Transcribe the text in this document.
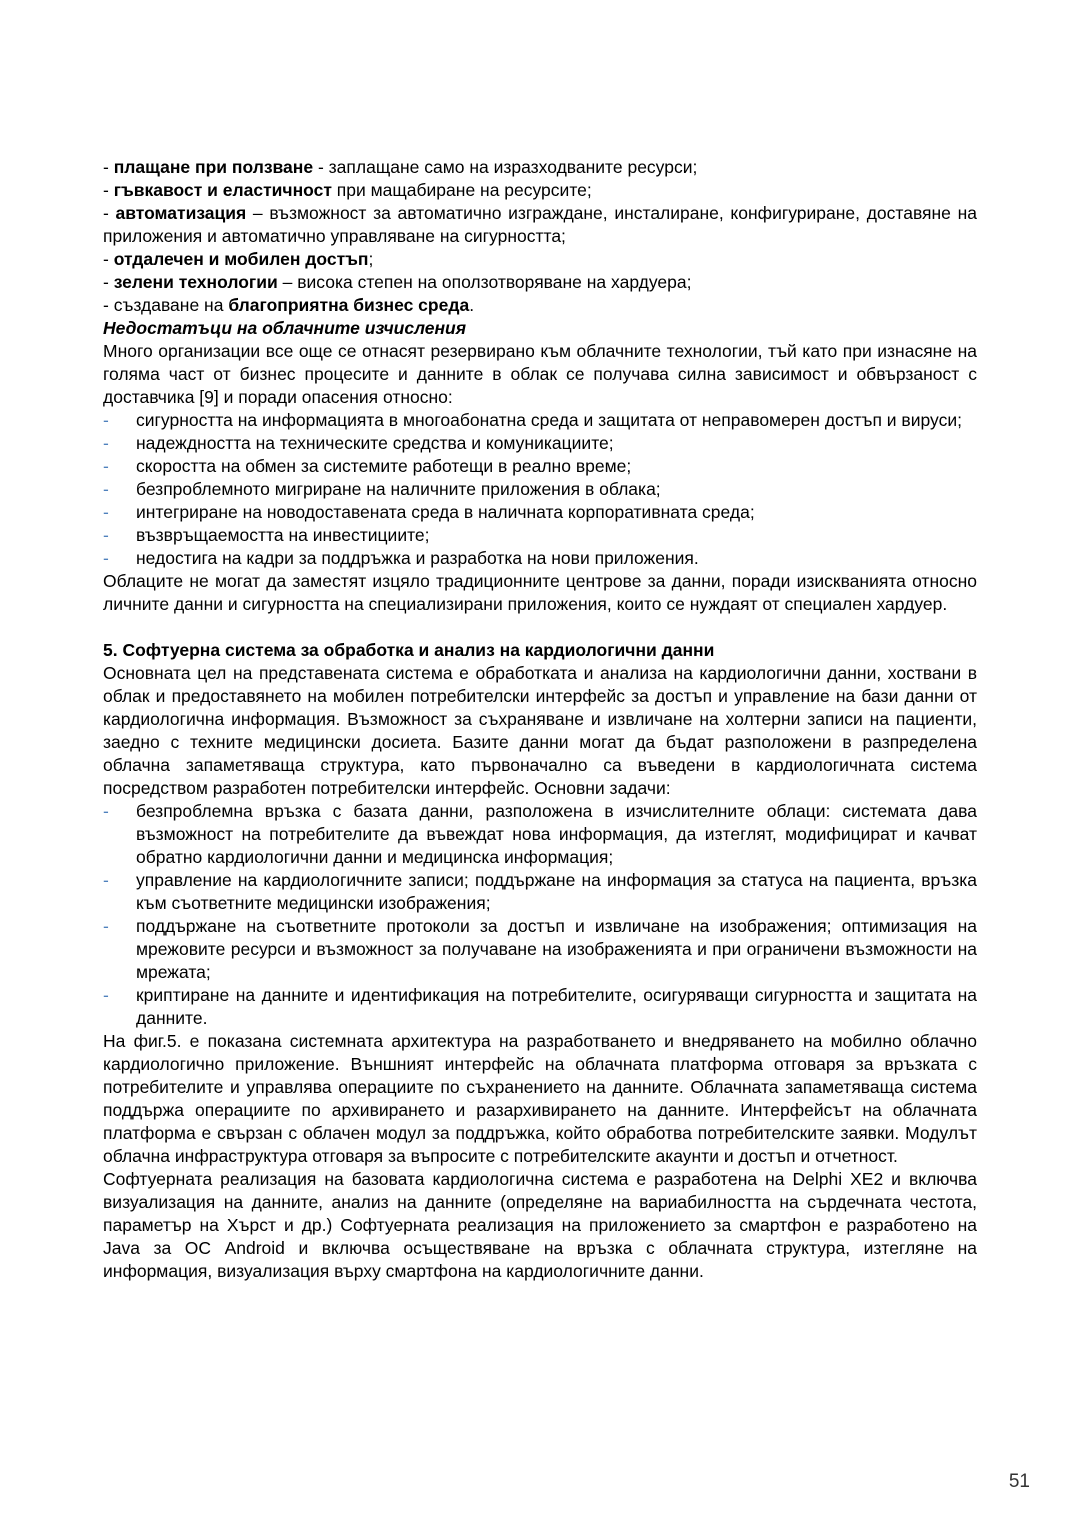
- плащане при ползване - заплащане само на изразходваните ресурси;
- гъвкавост и еластичност при мащабиране на ресурсите;
- автоматизация – възможност за автоматично изграждане, инсталиране, конфигуриране, доставяне на приложения и автоматично управляване на сигурността;
- отдалечен и мобилен достъп;
- зелени технологии – висока степен на оползотворяване на хардуера;
- създаване на благоприятна бизнес среда.

Недостатъци на облачните изчисления

Много организации все още се отнасят резервирано към облачните технологии, тъй като при изнасяне на голяма част от бизнес процесите и данните в облак се получава силна зависимост и обвързаност с доставчика [9] и поради опасения относно:

- сигурността на информацията в многоабонатна среда и защитата от неправомерен достъп и вируси;
- надеждността на техническите средства и комуникациите;
- скоростта на обмен за системите работещи в реално време;
- безпроблемното мигриране на наличните приложения в облака;
- интегриране на новодоставената среда в наличната корпоративната среда;
- възвръщаемостта на инвестициите;
- недостига на кадри за поддръжка и разработка на нови приложения.

Облаците не могат да заместят изцяло традиционните центрове за данни, поради изискванията относно личните данни и сигурността на специализирани приложения, които се нуждаят от специален хардуер.

5. Софтуерна система за обработка и анализ на кардиологични данни

Основната цел на представената система е обработката и анализа на кардиологични данни, хоствани в облак и предоставянето на мобилен потребителски интерфейс за достъп и управление на бази данни от кардиологична информация. Възможност за съхраняване и извличане на холтерни записи на пациенти, заедно с техните медицински досиета. Базите данни могат да бъдат разположени в разпределена облачна запаметяваща структура, като първоначално са въведени в кардиологичната система посредством разработен потребителски интерфейс. Основни задачи:

- безпроблемна връзка с базата данни, разположена в изчислителните облаци: системата дава възможност на потребителите да въвеждат нова информация, да изтеглят, модифицират и качват обратно кардиологични данни и медицинска информация;
- управление на кардиологичните записи; поддържане на информация за статуса на пациента, връзка към съответните медицински изображения;
- поддържане на съответните протоколи за достъп и извличане на изображения; оптимизация на мрежовите ресурси и възможност за получаване на изображенията и при ограничени възможности на мрежата;
- криптиране на данните и идентификация на потребителите, осигуряващи сигурността и защитата на данните.

На фиг.5. е показана системната архитектура на разработването и внедряването на мобилно облачно кардиологично приложение. Външният интерфейс на облачната платформа отговаря за връзката с потребителите и управлява операциите по съхранението на данните. Облачната запаметяваща система поддържа операциите по архивирането и разархивирането на данните. Интерфейсът на облачната платформа е свързан с облачен модул за поддръжка, който обработва потребителските заявки. Модулът облачна инфраструктура отговаря за въпросите с потребителските акаунти и достъп и отчетност.

Софтуерната реализация на базовата кардиологична система е разработена на Delphi XE2 и включва визуализация на данните, анализ на данните (определяне на вариабилността на сърдечната честота, параметър на Хърст и др.) Софтуерната реализация на приложението за смартфон е разработено на Java за ОС Android и включва осъществяване на връзка с облачната структура, изтегляне на информация, визуализация върху смартфона на кардиологичните данни.

51
